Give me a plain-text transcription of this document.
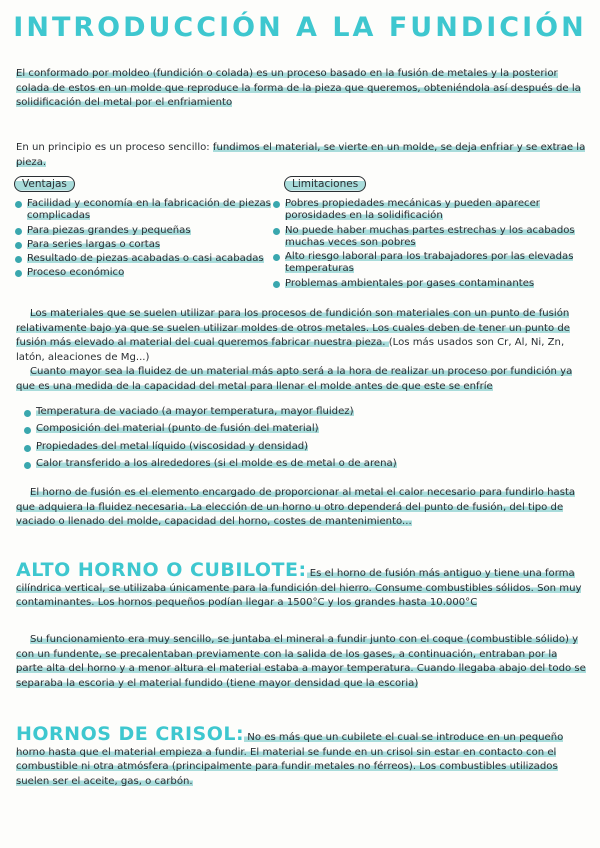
INTRODUCCIÓN A LA FUNDICIÓN
El conformado por moldeo (fundición o colada) es un proceso basado en la fusión de metales y la posterior colada de estos en un molde que reproduce la forma de la pieza que queremos, obteniéndola así después de la solidificación del metal por el enfriamiento
En un principio es un proceso sencillo: fundimos el material, se vierte en un molde, se deja enfriar y se extrae la pieza.
Ventajas
Facilidad y economía en la fabricación de piezas complicadas
Para piezas grandes y pequeñas
Para series largas o cortas
Resultado de piezas acabadas o casi acabadas
Proceso económico
Limitaciones
Pobres propiedades mecánicas y pueden aparecer porosidades en la solidificación
No puede haber muchas partes estrechas y los acabados muchas veces son pobres
Alto riesgo laboral para los trabajadores por las elevadas temperaturas
Problemas ambientales por gases contaminantes
Los materiales que se suelen utilizar para los procesos de fundición son materiales con un punto de fusión relativamente bajo ya que se suelen utilizar moldes de otros metales. Los cuales deben de tener un punto de fusión más elevado al material del cual queremos fabricar nuestra pieza. (Los más usados son Cr, Al, Ni, Zn, latón, aleaciones de Mg...)
Cuanto mayor sea la fluidez de un material más apto será a la hora de realizar un proceso por fundición ya que es una medida de la capacidad del metal para llenar el molde antes de que este se enfríe
Temperatura de vaciado (a mayor temperatura, mayor fluidez)
Composición del material (punto de fusión del material)
Propiedades del metal líquido (viscosidad y densidad)
Calor transferido a los alrededores (si el molde es de metal o de arena)
El horno de fusión es el elemento encargado de proporcionar al metal el calor necesario para fundirlo hasta que adquiera la fluidez necesaria. La elección de un horno u otro dependerá del punto de fusión, del tipo de vaciado o llenado del molde, capacidad del horno, costes de mantenimiento...
ALTO HORNO O CUBILOTE: Es el horno de fusión más antiguo y tiene una forma cilíndrica vertical, se utilizaba únicamente para la fundición del hierro. Consume combustibles sólidos. Son muy contaminantes. Los hornos pequeños podían llegar a 1500°C y los grandes hasta 10.000°C
Su funcionamiento era muy sencillo, se juntaba el mineral a fundir junto con el coque (combustible sólido) y con un fundente, se precalentaban previamente con la salida de los gases, a continuación, entraban por la parte alta del horno y a menor altura el material estaba a mayor temperatura. Cuando llegaba abajo del todo se separaba la escoria y el material fundido (tiene mayor densidad que la escoria)
HORNOS DE CRISOL: No es más que un cubilete el cual se introduce en un pequeño horno hasta que el material empieza a fundir. El material se funde en un crisol sin estar en contacto con el combustible ni otra atmósfera (principalmente para fundir metales no férreos). Los combustibles utilizados suelen ser el aceite, gas, o carbón.
